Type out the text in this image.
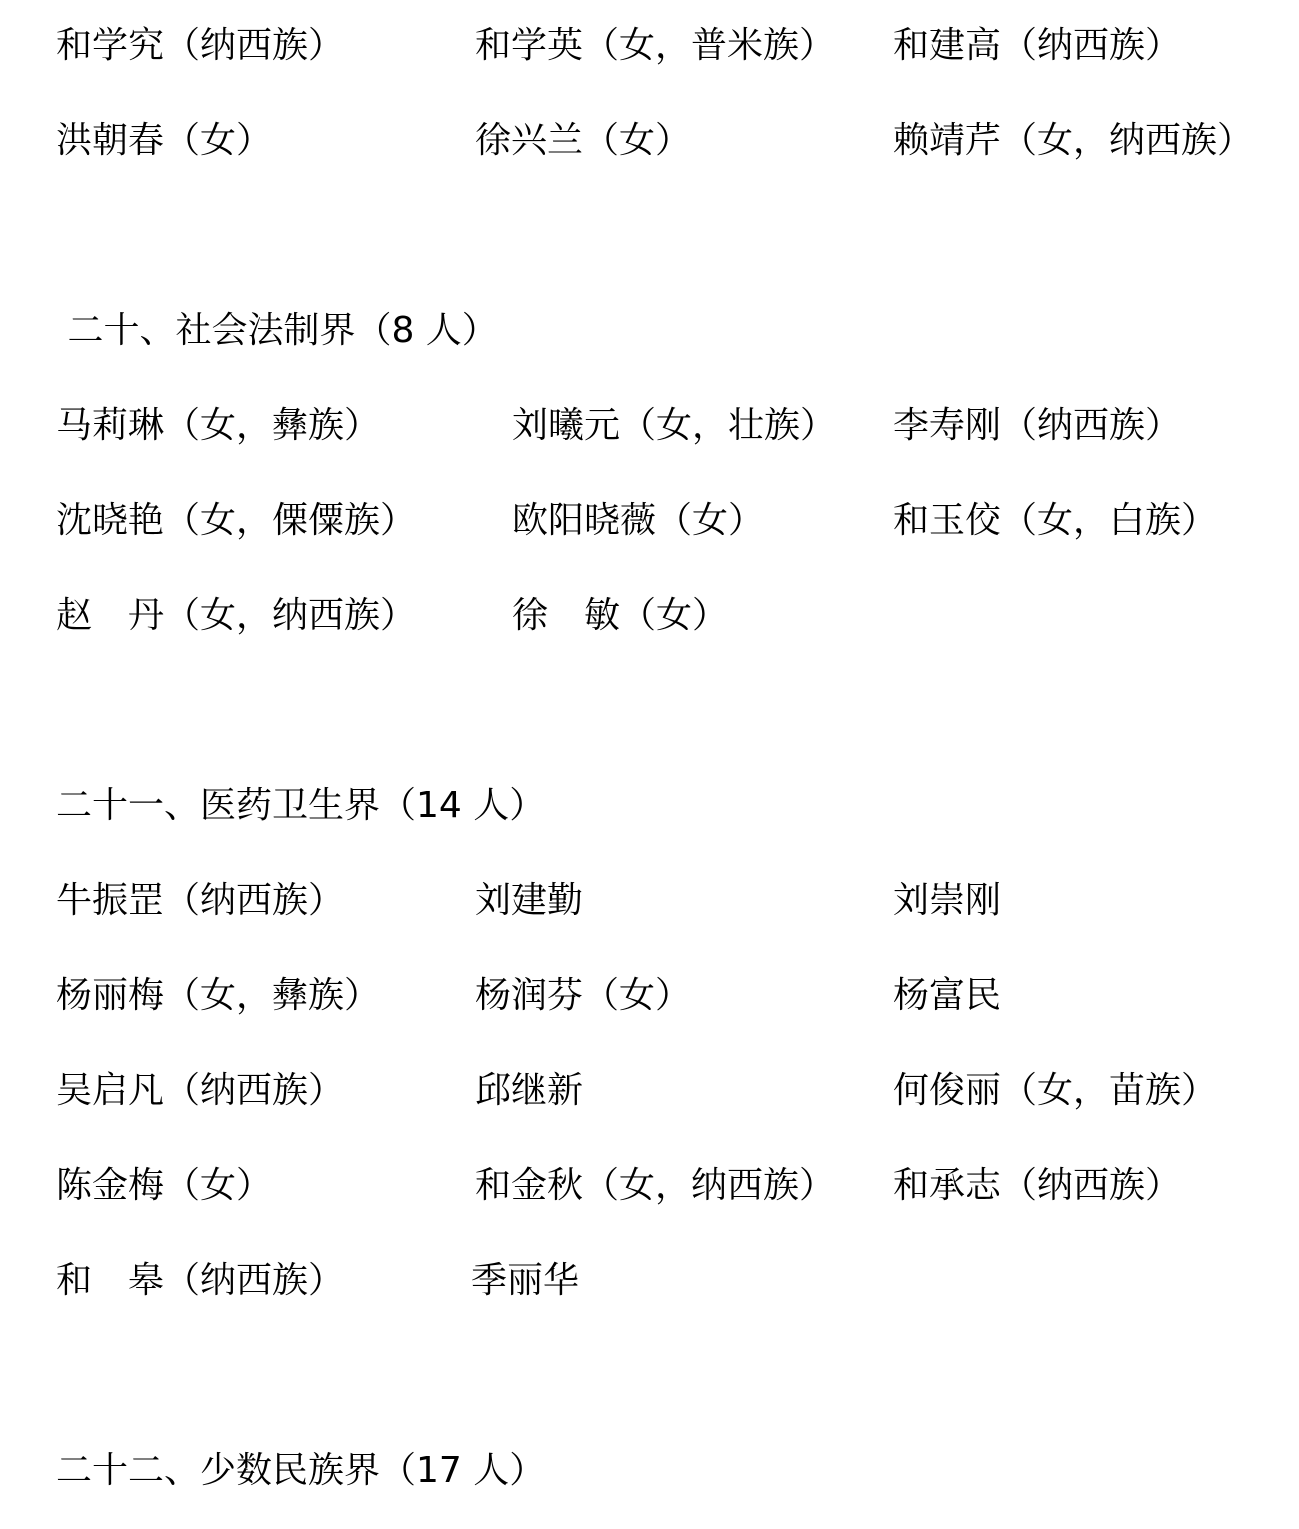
和学究（纳西族）	和学英（女，普米族） 和建高（纳西族）
洪朝春（女）	徐兴兰（女）	赖靖芹（女，纳西族）
二十、社会法制界（8 人）
马莉琳（女，彝族）	刘曦元（女，壮族） 李寿刚（纳西族）
沈晓艳（女，傈僳族）	欧阳晓薇（女）	和玉佼（女，白族）
赵　丹（女，纳西族）	徐　敏（女）
二十一、医药卫生界（14 人）
牛振罡（纳西族）	刘建勤	刘崇刚
杨丽梅（女，彝族）	杨润芬（女）	杨富民
吴启凡（纳西族）	邱继新	何俊丽（女，苗族）
陈金梅（女）	和金秋（女，纳西族） 和承志（纳西族）
和　皋（纳西族）	季丽华
二十二、少数民族界（17 人）
